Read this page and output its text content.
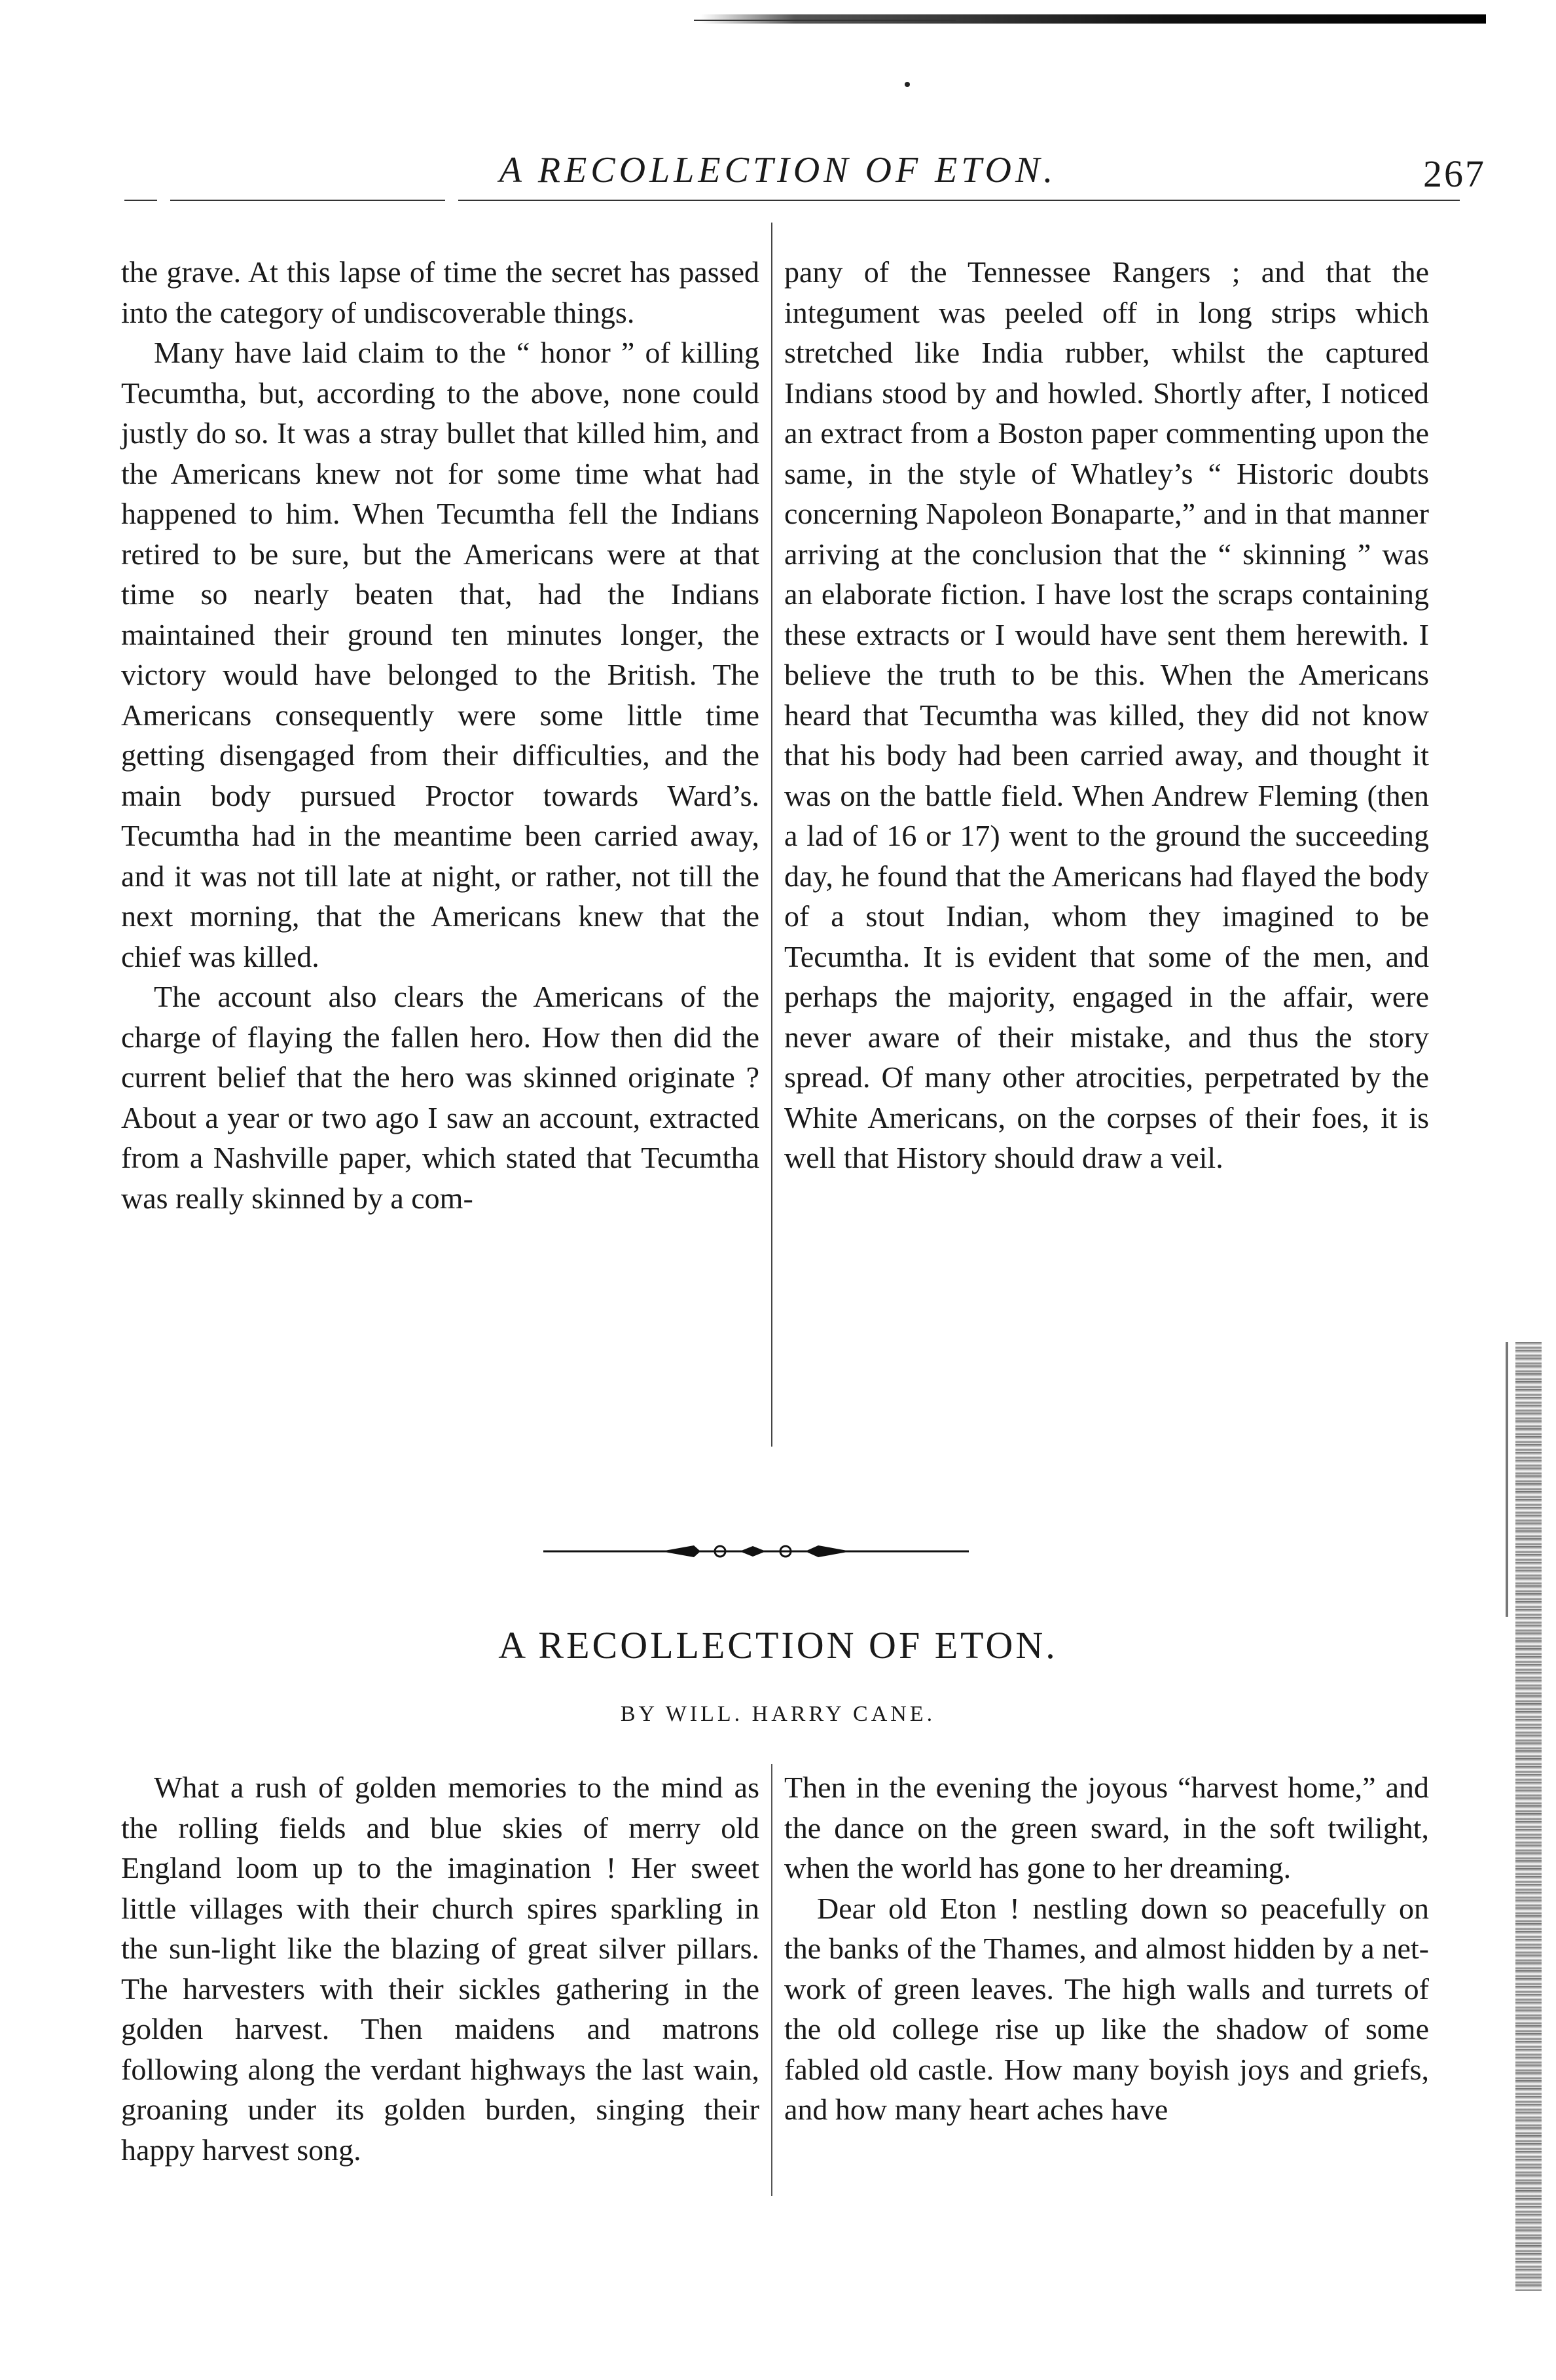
A RECOLLECTION OF ETON.	267

the grave. At this lapse of time the secret has passed into the category of undiscoverable things.

Many have laid claim to the “ honor ” of killing Tecumtha, but, according to the above, none could justly do so. It was a stray bullet that killed him, and the Americans knew not for some time what had happened to him. When Tecumtha fell the Indians retired to be sure, but the Americans were at that time so nearly beaten that, had the Indians maintained their ground ten minutes longer, the victory would have belonged to the British. The Americans consequently were some little time getting disengaged from their difficulties, and the main body pursued Proctor towards Ward’s. Tecumtha had in the meantime been carried away, and it was not till late at night, or rather, not till the next morning, that the Americans knew that the chief was killed.

The account also clears the Americans of the charge of flaying the fallen hero. How then did the current belief that the hero was skinned originate ? About a year or two ago I saw an account, extracted from a Nashville paper, which stated that Tecumtha was really skinned by a com-

pany of the Tennessee Rangers ; and that the integument was peeled off in long strips which stretched like India rubber, whilst the captured Indians stood by and howled. Shortly after, I noticed an extract from a Boston paper commenting upon the same, in the style of Whatley’s “ Historic doubts concerning Napoleon Bonaparte,” and in that manner arriving at the conclusion that the “ skinning ” was an elaborate fiction. I have lost the scraps containing these extracts or I would have sent them herewith. I believe the truth to be this. When the Americans heard that Tecumtha was killed, they did not know that his body had been carried away, and thought it was on the battle field. When Andrew Fleming (then a lad of 16 or 17) went to the ground the succeeding day, he found that the Americans had flayed the body of a stout Indian, whom they imagined to be Tecumtha. It is evident that some of the men, and perhaps the majority, engaged in the affair, were never aware of their mistake, and thus the story spread. Of many other atrocities, perpetrated by the White Americans, on the corpses of their foes, it is well that History should draw a veil.

A RECOLLECTION OF ETON.
BY WILL. HARRY CANE.

What a rush of golden memories to the mind as the rolling fields and blue skies of merry old England loom up to the imagination ! Her sweet little villages with their church spires sparkling in the sun-light like the blazing of great silver pillars. The harvesters with their sickles gathering in the golden harvest. Then maidens and matrons following along the verdant highways the last wain, groaning under its golden burden, singing their happy harvest song.

Then in the evening the joyous “harvest home,” and the dance on the green sward, in the soft twilight, when the world has gone to her dreaming.

Dear old Eton ! nestling down so peacefully on the banks of the Thames, and almost hidden by a net-work of green leaves. The high walls and turrets of the old college rise up like the shadow of some fabled old castle. How many boyish joys and griefs, and how many heart aches have
